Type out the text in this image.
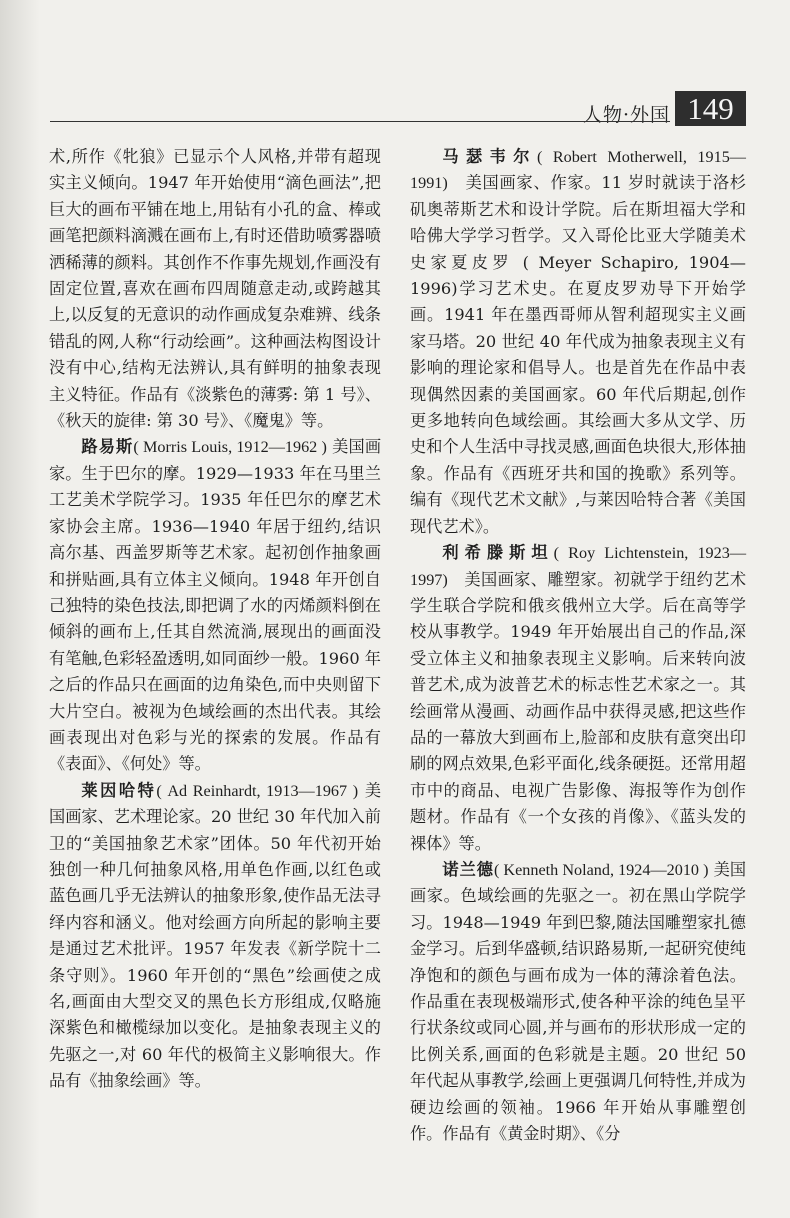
人物·外国 149

术,所作《牝狼》已显示个人风格,并带有超现实主义倾向。1947 年开始使用“滴色画法”,把巨大的画布平铺在地上,用钻有小孔的盒、棒或画笔把颜料滴溅在画布上,有时还借助喷雾器喷洒稀薄的颜料。其创作不作事先规划,作画没有固定位置,喜欢在画布四周随意走动,或跨越其上,以反复的无意识的动作画成复杂难辨、线条错乱的网,人称“行动绘画”。这种画法构图设计没有中心,结构无法辨认,具有鲜明的抽象表现主义特征。作品有《淡紫色的薄雾: 第 1 号》、《秋天的旋律: 第 30 号》、《魔鬼》等。

路易斯( Morris Louis, 1912—1962 ) 美国画家。生于巴尔的摩。1929—1933 年在马里兰工艺美术学院学习。1935 年任巴尔的摩艺术家协会主席。1936—1940 年居于纽约,结识高尔基、西盖罗斯等艺术家。起初创作抽象画和拼贴画,具有立体主义倾向。1948 年开创自己独特的染色技法,即把调了水的丙烯颜料倒在倾斜的画布上,任其自然流淌,展现出的画面没有笔触,色彩轻盈透明,如同面纱一般。1960 年之后的作品只在画面的边角染色,而中央则留下大片空白。被视为色域绘画的杰出代表。其绘画表现出对色彩与光的探索的发展。作品有《表面》、《何处》等。

莱因哈特( Ad Reinhardt, 1913—1967 ) 美国画家、艺术理论家。20 世纪 30 年代加入前卫的“美国抽象艺术家”团体。50 年代初开始独创一种几何抽象风格,用单色作画,以红色或蓝色画几乎无法辨认的抽象形象,使作品无法寻绎内容和涵义。他对绘画方向所起的影响主要是通过艺术批评。1957 年发表《新学院十二条守则》。1960 年开创的“黑色”绘画使之成名,画面由大型交叉的黑色长方形组成,仅略施深紫色和橄榄绿加以变化。是抽象表现主义的先驱之一,对 60 年代的极简主义影响很大。作品有《抽象绘画》等。

马瑟韦尔( Robert Motherwell, 1915—1991) 美国画家、作家。11 岁时就读于洛杉矶奥蒂斯艺术和设计学院。后在斯坦福大学和哈佛大学学习哲学。又入哥伦比亚大学随美术史家夏皮罗 ( Meyer Schapiro, 1904—1996)学习艺术史。在夏皮罗劝导下开始学画。1941 年在墨西哥师从智利超现实主义画家马塔。20 世纪 40 年代成为抽象表现主义有影响的理论家和倡导人。也是首先在作品中表现偶然因素的美国画家。60 年代后期起,创作更多地转向色域绘画。其绘画大多从文学、历史和个人生活中寻找灵感,画面色块很大,形体抽象。作品有《西班牙共和国的挽歌》系列等。编有《现代艺术文献》,与莱因哈特合著《美国现代艺术》。

利希滕斯坦( Roy Lichtenstein, 1923—1997) 美国画家、雕塑家。初就学于纽约艺术学生联合学院和俄亥俄州立大学。后在高等学校从事教学。1949 年开始展出自己的作品,深受立体主义和抽象表现主义影响。后来转向波普艺术,成为波普艺术的标志性艺术家之一。其绘画常从漫画、动画作品中获得灵感,把这些作品的一幕放大到画布上,脸部和皮肤有意突出印刷的网点效果,色彩平面化,线条硬挺。还常用超市中的商品、电视广告影像、海报等作为创作题材。作品有《一个女孩的肖像》、《蓝头发的裸体》等。

诺兰德( Kenneth Noland, 1924—2010 ) 美国画家。色域绘画的先驱之一。初在黑山学院学习。1948—1949 年到巴黎,随法国雕塑家扎德金学习。后到华盛顿,结识路易斯,一起研究使纯净饱和的颜色与画布成为一体的薄涂着色法。作品重在表现极端形式,使各种平涂的纯色呈平行状条纹或同心圆,并与画布的形状形成一定的比例关系,画面的色彩就是主题。20 世纪 50 年代起从事教学,绘画上更强调几何特性,并成为硬边绘画的领袖。1966 年开始从事雕塑创作。作品有《黄金时期》、《分
